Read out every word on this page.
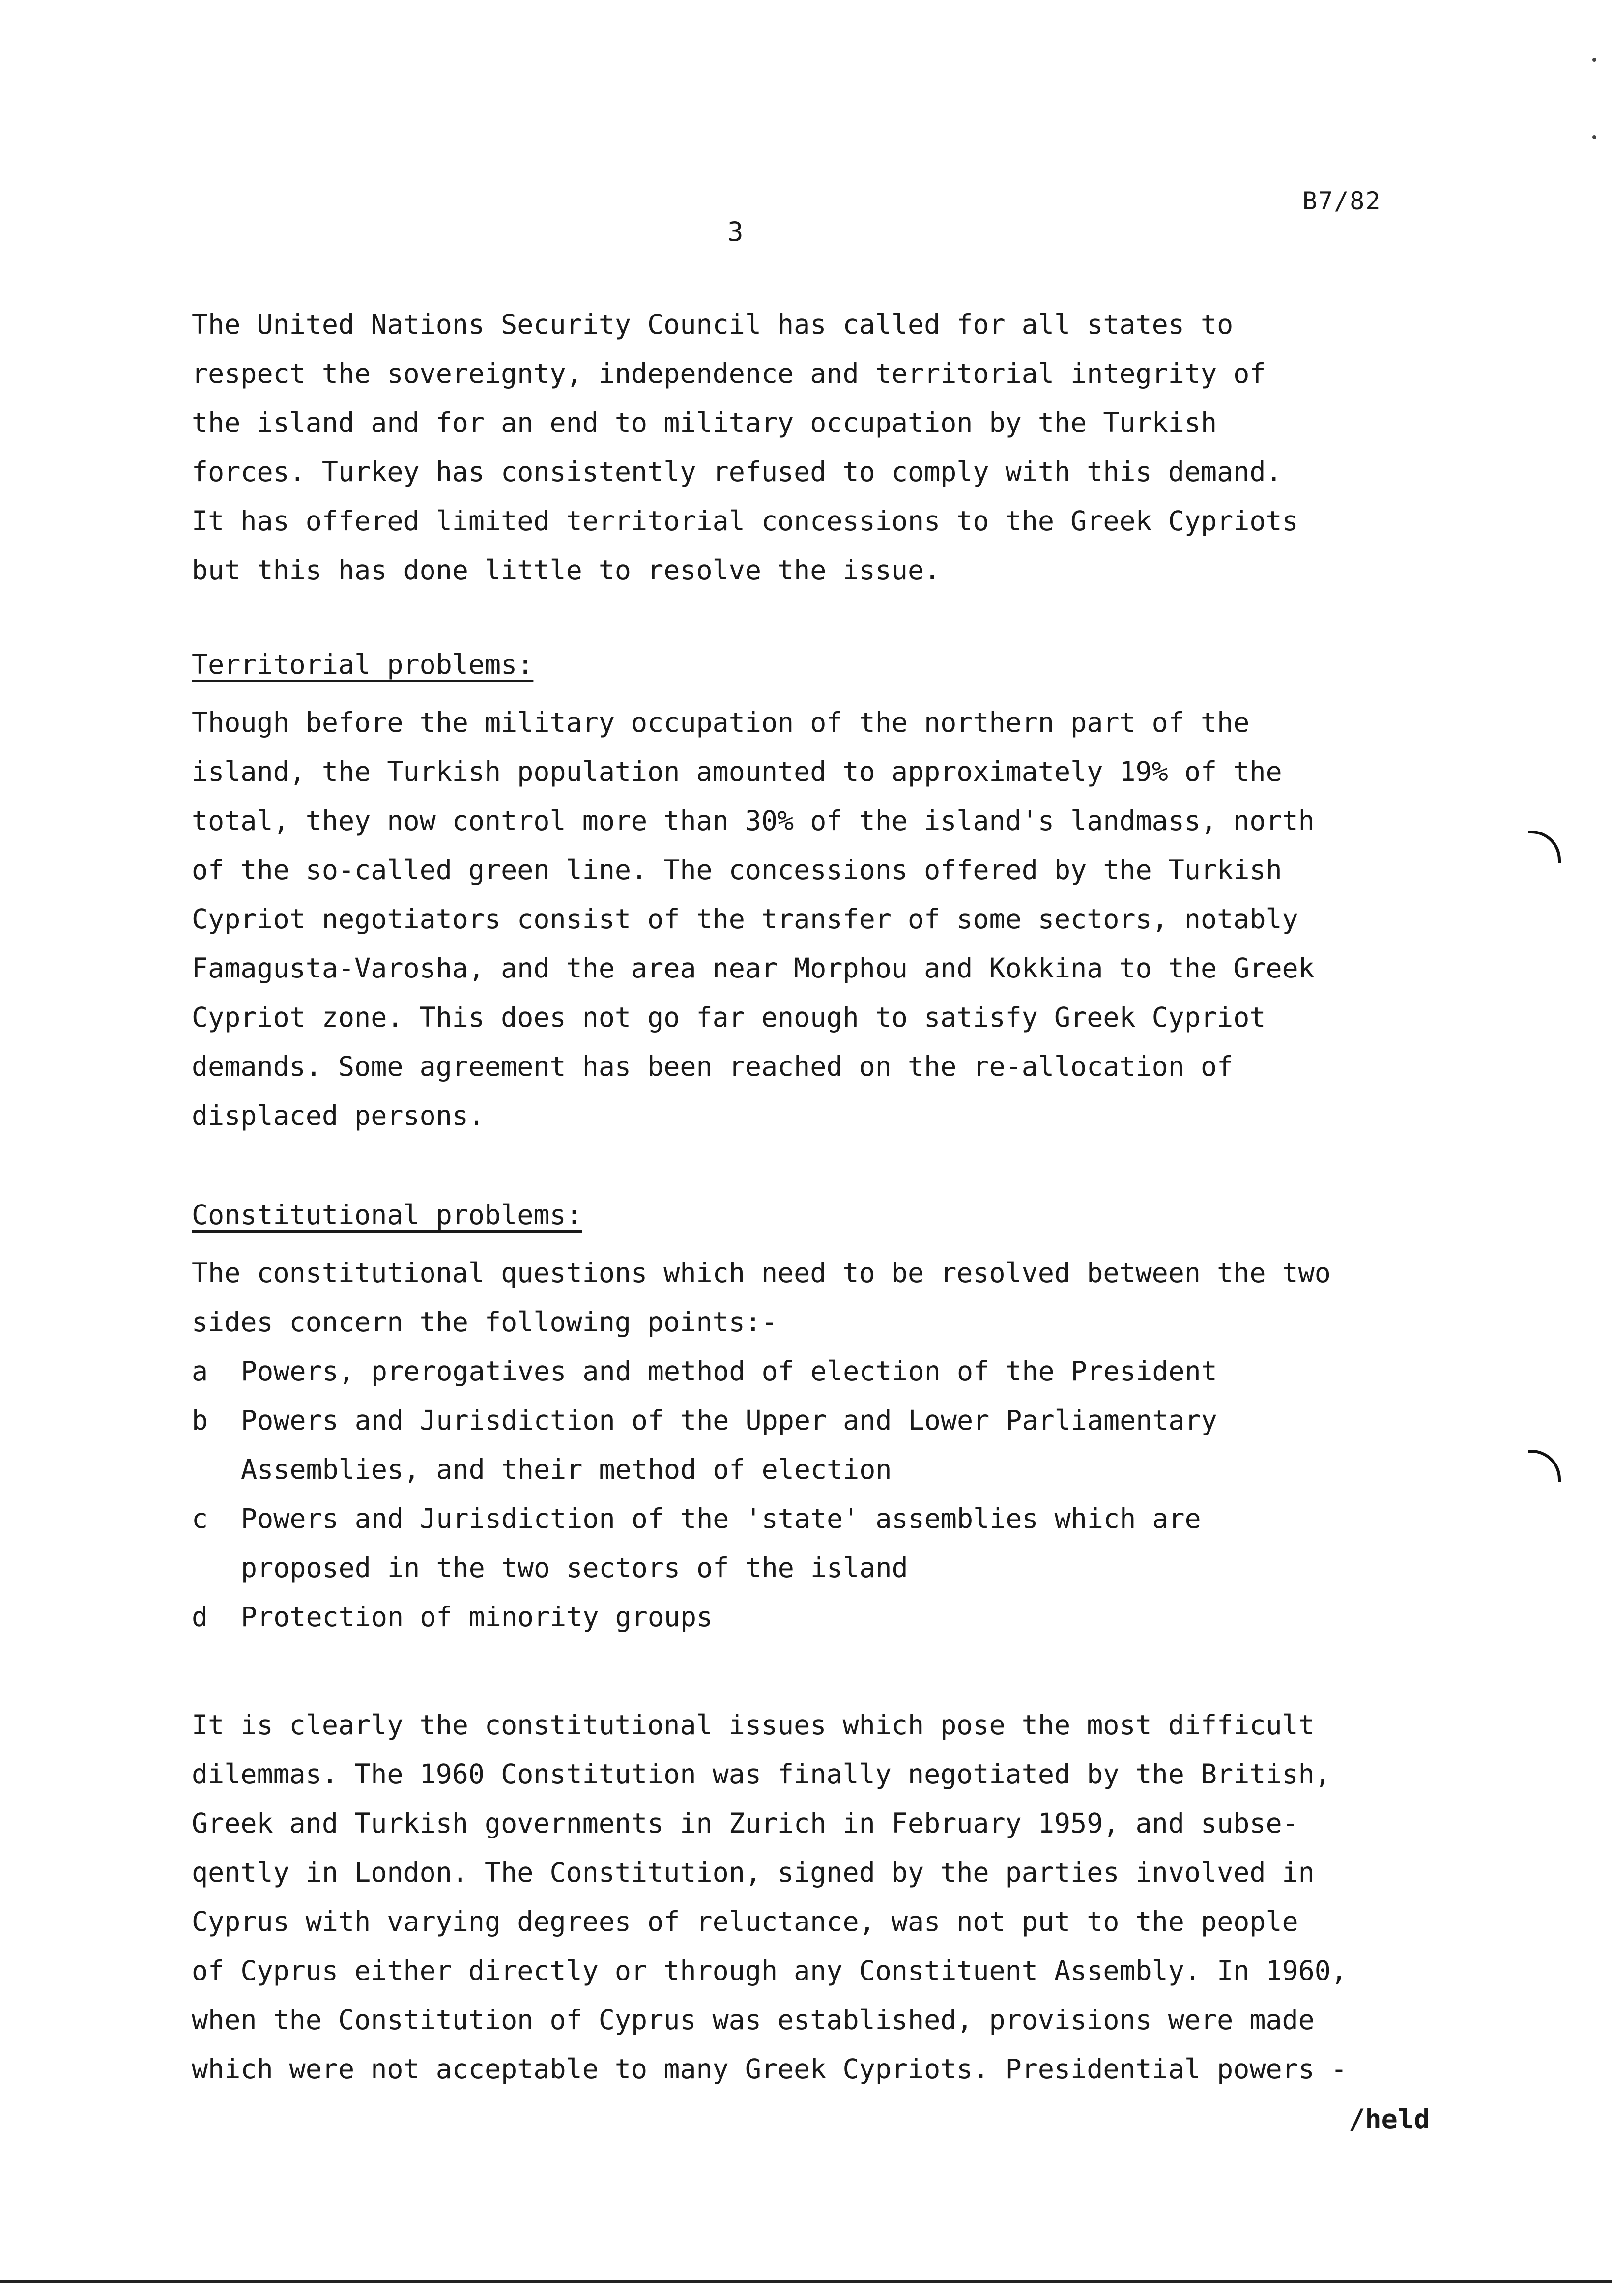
B7/82
3
The United Nations Security Council has called for all states to
respect the sovereignty, independence and territorial integrity of
the island and for an end to military occupation by the Turkish
forces. Turkey has consistently refused to comply with this demand.
It has offered limited territorial concessions to the Greek Cypriots
but this has done little to resolve the issue.
Territorial problems:
Though before the military occupation of the northern part of the
island, the Turkish population amounted to approximately 19% of the
total, they now control more than 30% of the island's landmass, north
of the so-called green line. The concessions offered by the Turkish
Cypriot negotiators consist of the transfer of some sectors, notably
Famagusta-Varosha, and the area near Morphou and Kokkina to the Greek
Cypriot zone. This does not go far enough to satisfy Greek Cypriot
demands. Some agreement has been reached on the re-allocation of
displaced persons.
Constitutional problems:
The constitutional questions which need to be resolved between the two
sides concern the following points:-
a Powers, prerogatives and method of election of the President
b Powers and Jurisdiction of the Upper and Lower Parliamentary
Assemblies, and their method of election
c Powers and Jurisdiction of the 'state' assemblies which are
proposed in the two sectors of the island
d Protection of minority groups
It is clearly the constitutional issues which pose the most difficult
dilemmas. The 1960 Constitution was finally negotiated by the British,
Greek and Turkish governments in Zurich in February 1959, and subse-
qently in London. The Constitution, signed by the parties involved in
Cyprus with varying degrees of reluctance, was not put to the people
of Cyprus either directly or through any Constituent Assembly. In 1960,
when the Constitution of Cyprus was established, provisions were made
which were not acceptable to many Greek Cypriots. Presidential powers -
/held
